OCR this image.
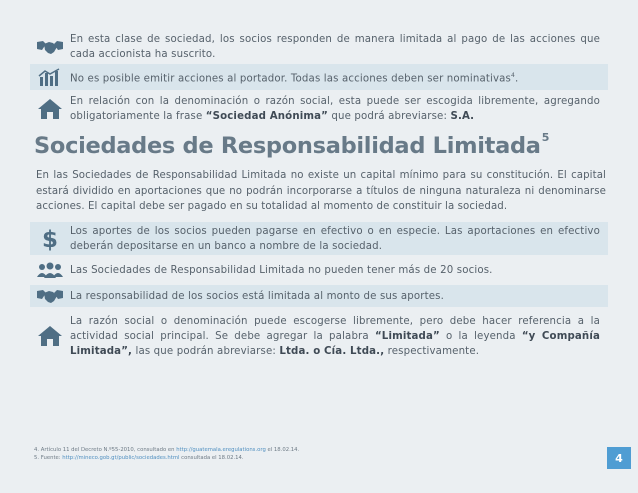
En esta clase de sociedad, los socios responden de manera limitada al pago de las acciones que cada accionista ha suscrito.
No es posible emitir acciones al portador. Todas las acciones deben ser nominativas$^4$.
En relación con la denominación o razón social, esta puede ser escogida libremente, agregando obligatoriamente la frase “Sociedad Anónima” que podrá abreviarse: S.A.
Sociedades de Responsabilidad Limitada$^5$
En las Sociedades de Responsabilidad Limitada no existe un capital mínimo para su constitución. El capital estará dividido en aportaciones que no podrán incorporarse a títulos de ninguna naturaleza ni denominarse acciones. El capital debe ser pagado en su totalidad al momento de constituir la sociedad.
$ Los aportes de los socios pueden pagarse en efectivo o en especie. Las aportaciones en efectivo deberán depositarse en un banco a nombre de la sociedad.
Las Sociedades de Responsabilidad Limitada no pueden tener más de 20 socios.
La responsabilidad de los socios está limitada al monto de sus aportes.
La razón social o denominación puede escogerse libremente, pero debe hacer referencia a la actividad social principal. Se debe agregar la palabra “Limitada” o la leyenda “y Compañía Limitada”, las que podrán abreviarse: Ltda. o Cía. Ltda., respectivamente.
4. Artículo 11 del Decreto N.º55-2010, consultado en http://guatemala.eregulations.org el 18.02.14.
5. Fuente: http://mineco.gob.gt/public/sociedades.html consultada el 18.02.14.	4
